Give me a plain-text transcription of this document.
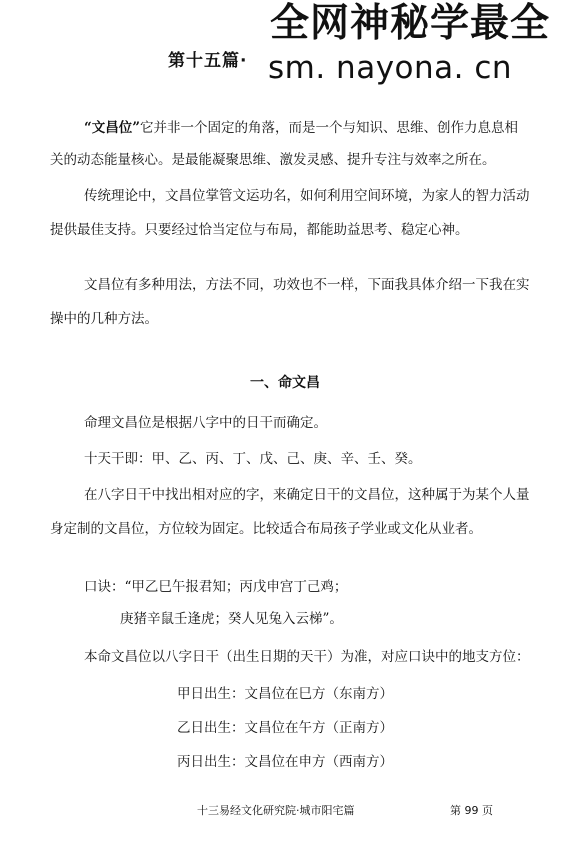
第十五篇·
全网神秘学最全
sm. nayona. cn

“文昌位”它并非一个固定的角落，而是一个与知识、思维、创作力息息相

关的动态能量核心。是最能凝聚思维、激发灵感、提升专注与效率之所在。

传统理论中，文昌位掌管文运功名，如何利用空间环境，为家人的智力活动

提供最佳支持。只要经过恰当定位与布局，都能助益思考、稳定心神。

文昌位有多种用法，方法不同，功效也不一样，下面我具体介绍一下我在实

操中的几种方法。

一、命文昌

命理文昌位是根据八字中的日干而确定。

十天干即：甲、乙、丙、丁、戊、己、庚、辛、壬、癸。

在八字日干中找出相对应的字，来确定日干的文昌位，这种属于为某个人量

身定制的文昌位，方位较为固定。比较适合布局孩子学业或文化从业者。

口诀：“甲乙巳午报君知；丙戊申宫丁己鸡；

庚猪辛鼠壬逢虎；癸人见兔入云梯”。

本命文昌位以八字日干（出生日期的天干）为准，对应口诀中的地支方位：

甲日出生：文昌位在巳方（东南方）
乙日出生：文昌位在午方（正南方）
丙日出生：文昌位在申方（西南方）
十三易经文化研究院·城市阳宅篇	第 99 页
